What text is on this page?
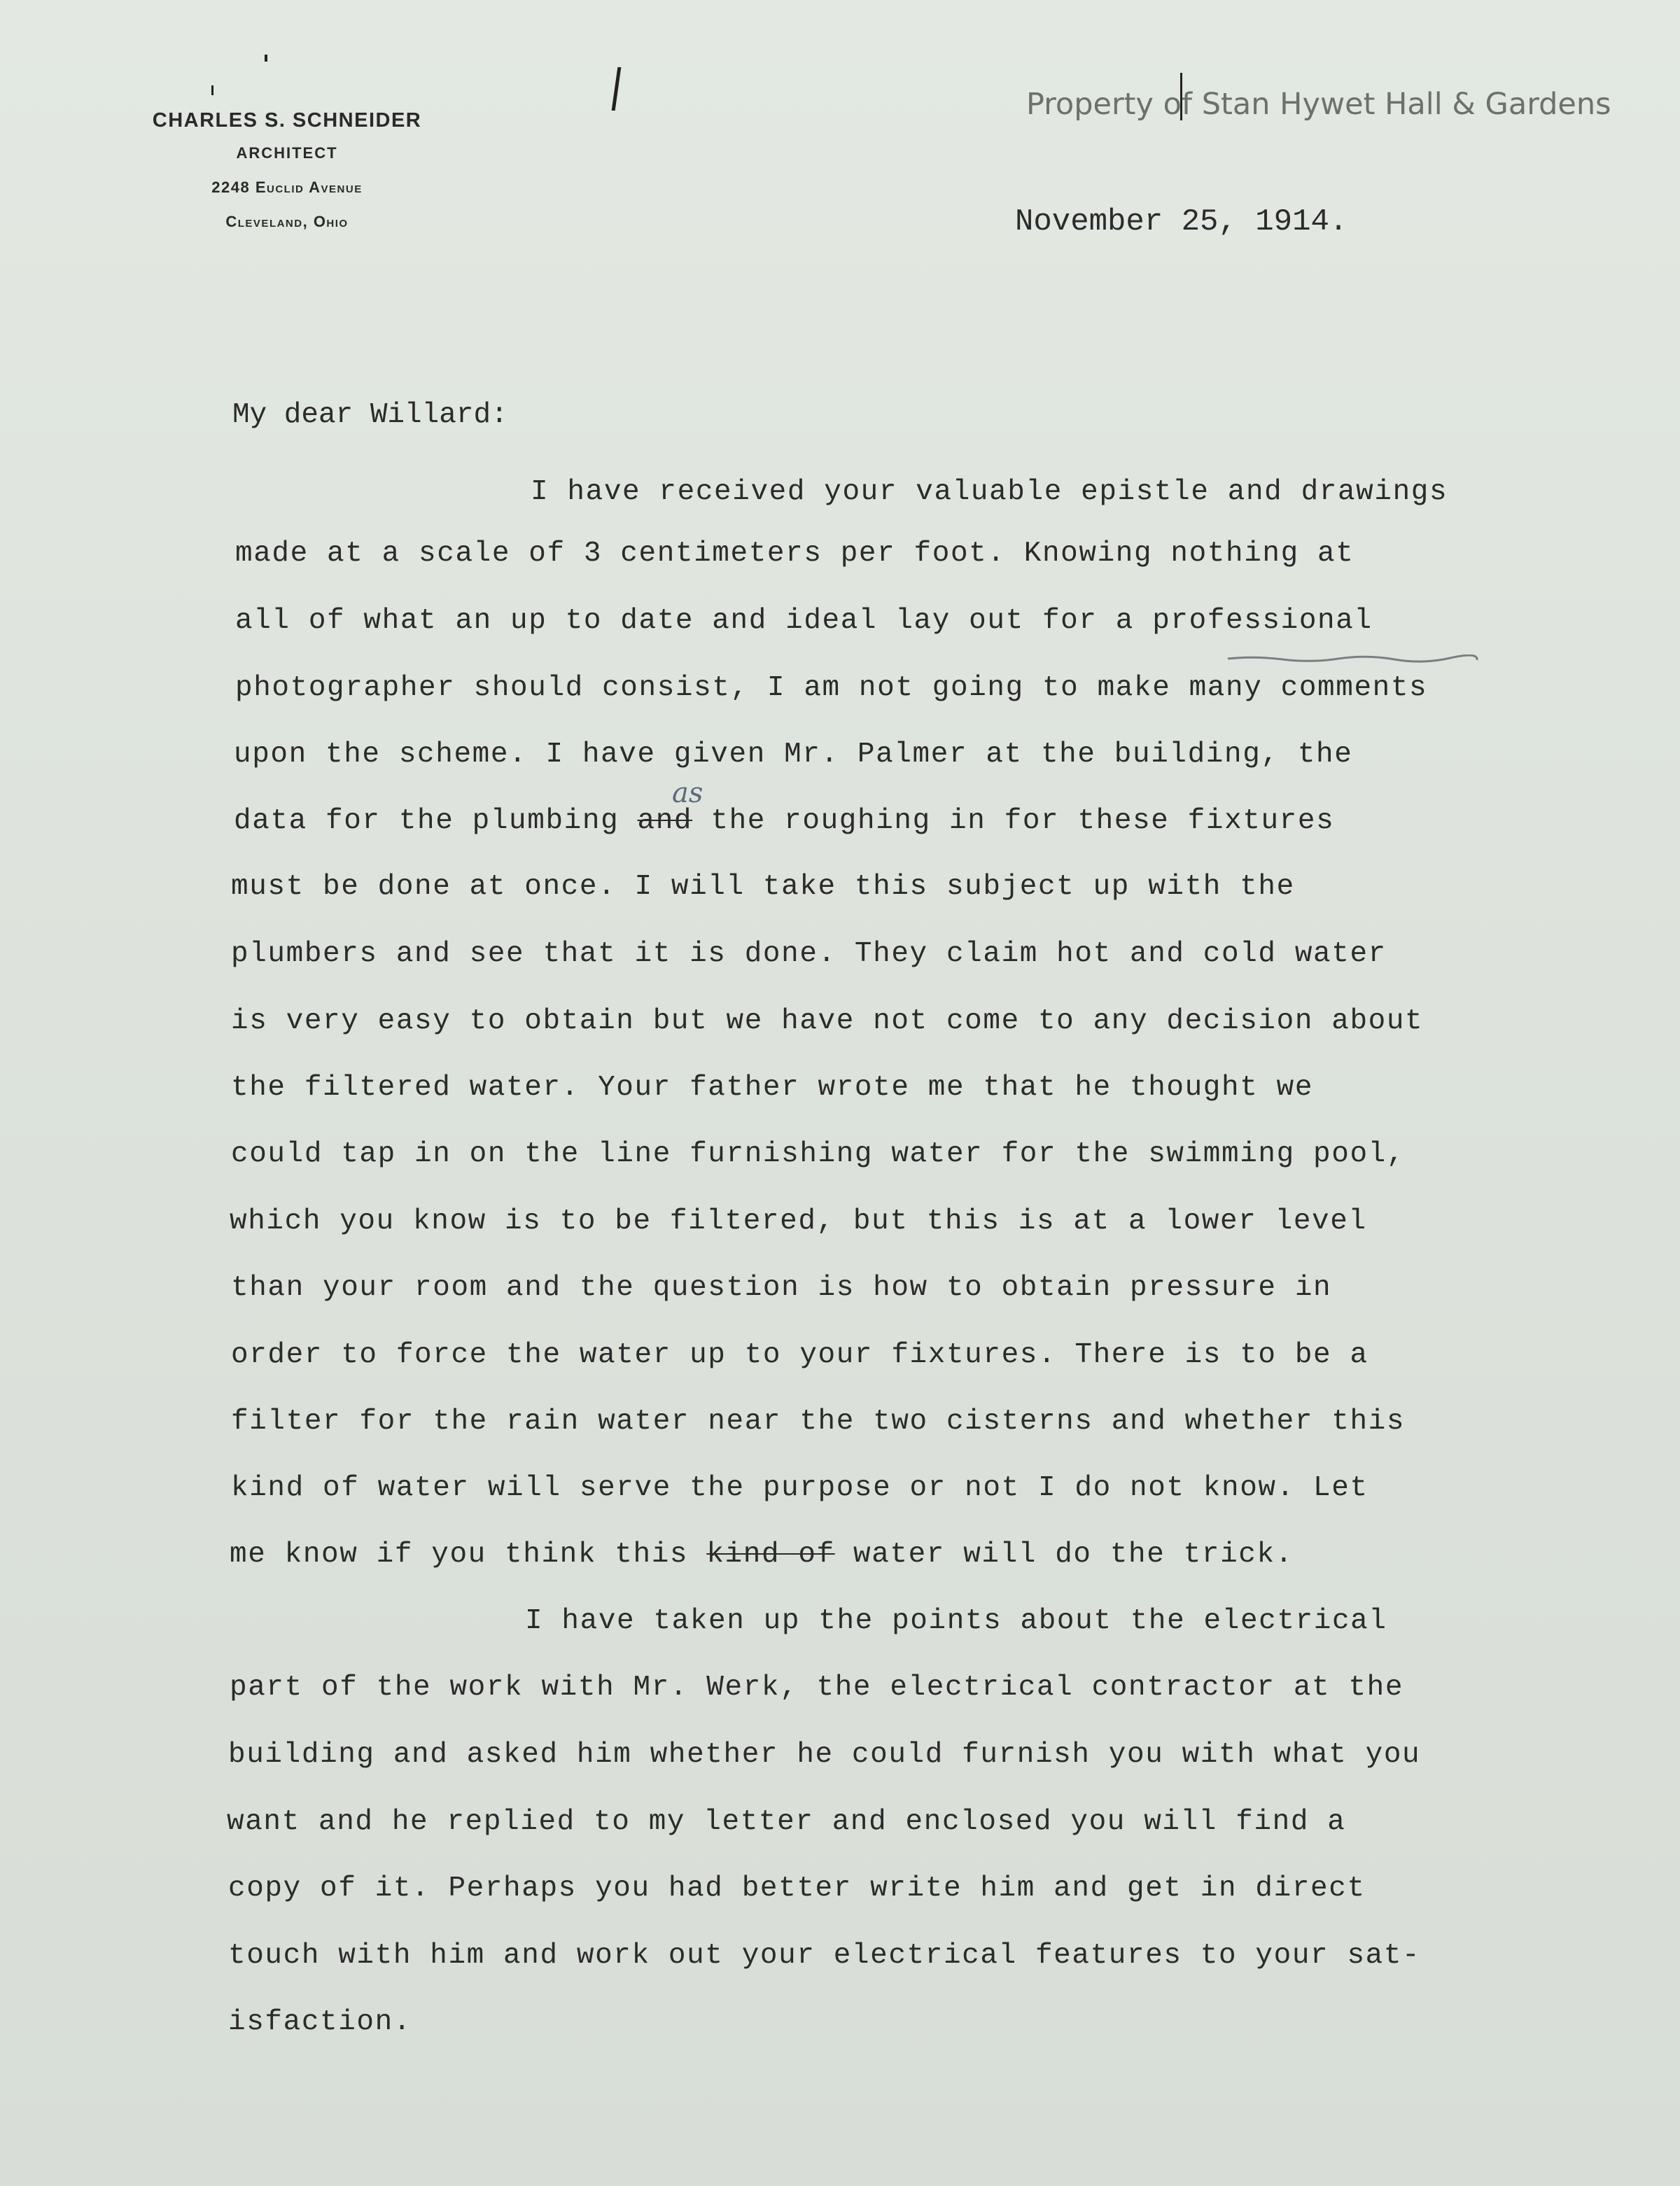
CHARLES S. SCHNEIDER
ARCHITECT
2248 Euclid Avenue
Cleveland, Ohio
Property of Stan Hywet Hall & Gardens
November 25, 1914.
My dear Willard:
as
I have received your valuable epistle and drawings
made at a scale of 3 centimeters per foot. Knowing nothing at
all of what an up to date and ideal lay out for a professional
photographer should consist, I am not going to make many comments
upon the scheme. I have given Mr. Palmer at the building, the
data for the plumbing and the roughing in for these fixtures
must be done at once. I will take this subject up with the
plumbers and see that it is done. They claim hot and cold water
is very easy to obtain but we have not come to any decision about
the filtered water. Your father wrote me that he thought we
could tap in on the line furnishing water for the swimming pool,
which you know is to be filtered, but this is at a lower level
than your room and the question is how to obtain pressure in
order to force the water up to your fixtures. There is to be a
filter for the rain water near the two cisterns and whether this
kind of water will serve the purpose or not I do not know. Let
me know if you think this kind of water will do the trick.
I have taken up the points about the electrical
part of the work with Mr. Werk, the electrical contractor at the
building and asked him whether he could furnish you with what you
want and he replied to my letter and enclosed you will find a
copy of it. Perhaps you had better write him and get in direct
touch with him and work out your electrical features to your sat-
isfaction.
